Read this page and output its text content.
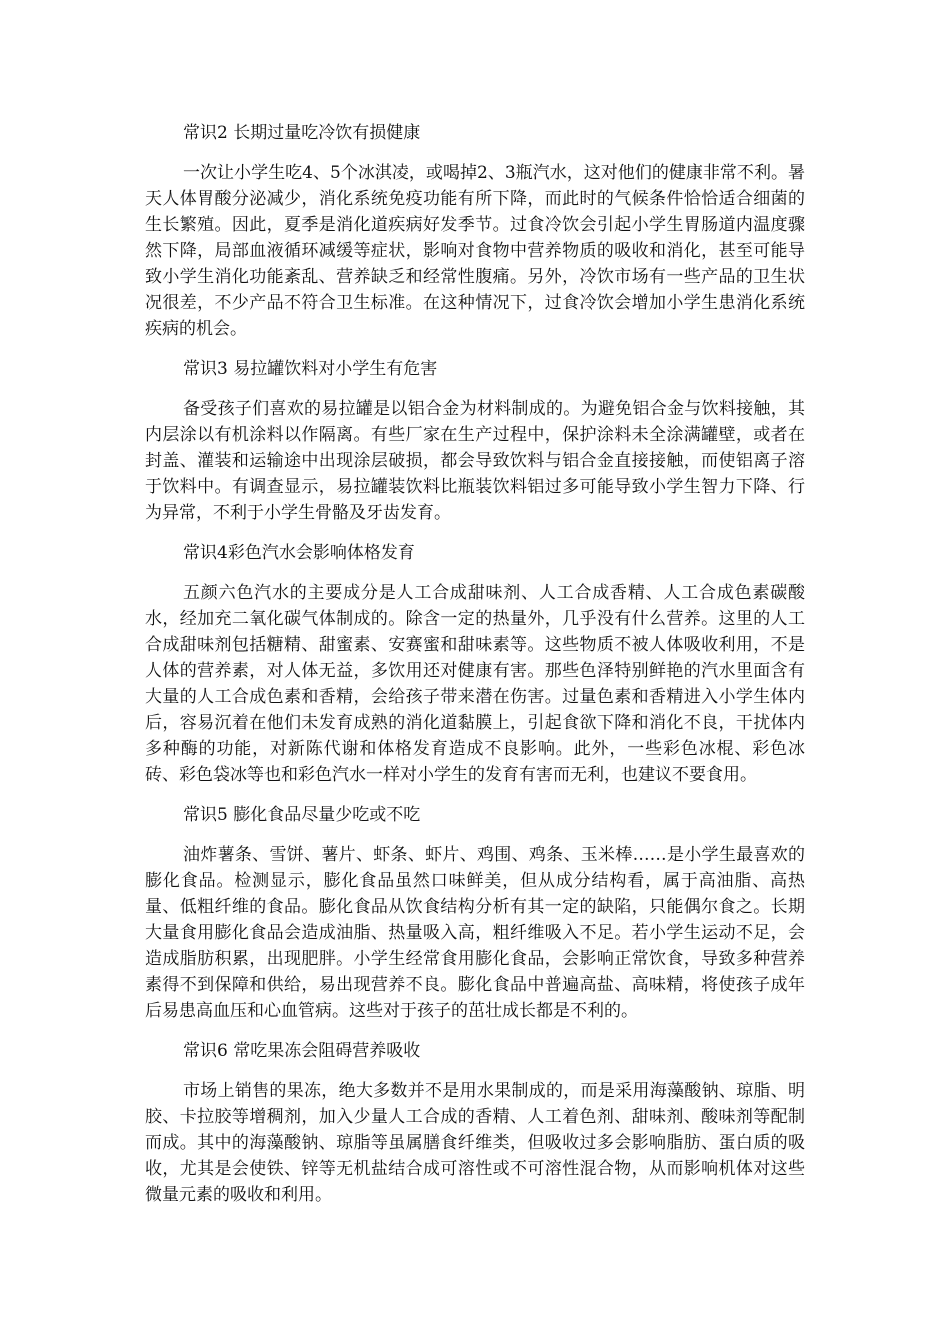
常识2 长期过量吃冷饮有损健康

一次让小学生吃4、5个冰淇凌，或喝掉2、3瓶汽水，这对他们的健康非常不利。暑天人体胃酸分泌减少，消化系统免疫功能有所下降，而此时的气候条件恰恰适合细菌的生长繁殖。因此，夏季是消化道疾病好发季节。过食冷饮会引起小学生胃肠道内温度骤然下降，局部血液循环减缓等症状，影响对食物中营养物质的吸收和消化，甚至可能导致小学生消化功能紊乱、营养缺乏和经常性腹痛。另外，冷饮市场有一些产品的卫生状况很差，不少产品不符合卫生标准。在这种情况下，过食冷饮会增加小学生患消化系统疾病的机会。

常识3 易拉罐饮料对小学生有危害

备受孩子们喜欢的易拉罐是以铝合金为材料制成的。为避免铝合金与饮料接触，其内层涂以有机涂料以作隔离。有些厂家在生产过程中，保护涂料未全涂满罐壁，或者在封盖、灌装和运输途中出现涂层破损，都会导致饮料与铝合金直接接触，而使铝离子溶于饮料中。有调查显示，易拉罐装饮料比瓶装饮料铝过多可能导致小学生智力下降、行为异常，不利于小学生骨骼及牙齿发育。

常识4彩色汽水会影响体格发育

五颜六色汽水的主要成分是人工合成甜味剂、人工合成香精、人工合成色素碳酸水，经加充二氧化碳气体制成的。除含一定的热量外，几乎没有什么营养。这里的人工合成甜味剂包括糖精、甜蜜素、安赛蜜和甜味素等。这些物质不被人体吸收利用，不是人体的营养素，对人体无益，多饮用还对健康有害。那些色泽特别鲜艳的汽水里面含有大量的人工合成色素和香精，会给孩子带来潜在伤害。过量色素和香精进入小学生体内后，容易沉着在他们未发育成熟的消化道黏膜上，引起食欲下降和消化不良，干扰体内多种酶的功能，对新陈代谢和体格发育造成不良影响。此外，一些彩色冰棍、彩色冰砖、彩色袋冰等也和彩色汽水一样对小学生的发育有害而无利，也建议不要食用。

常识5 膨化食品尽量少吃或不吃

油炸薯条、雪饼、薯片、虾条、虾片、鸡围、鸡条、玉米棒……是小学生最喜欢的膨化食品。检测显示，膨化食品虽然口味鲜美，但从成分结构看，属于高油脂、高热量、低粗纤维的食品。膨化食品从饮食结构分析有其一定的缺陷，只能偶尔食之。长期大量食用膨化食品会造成油脂、热量吸入高，粗纤维吸入不足。若小学生运动不足，会造成脂肪积累，出现肥胖。小学生经常食用膨化食品，会影响正常饮食，导致多种营养素得不到保障和供给，易出现营养不良。膨化食品中普遍高盐、高味精，将使孩子成年后易患高血压和心血管病。这些对于孩子的茁壮成长都是不利的。

常识6 常吃果冻会阻碍营养吸收

市场上销售的果冻，绝大多数并不是用水果制成的，而是采用海藻酸钠、琼脂、明胶、卡拉胶等增稠剂，加入少量人工合成的香精、人工着色剂、甜味剂、酸味剂等配制而成。其中的海藻酸钠、琼脂等虽属膳食纤维类，但吸收过多会影响脂肪、蛋白质的吸收，尤其是会使铁、锌等无机盐结合成可溶性或不可溶性混合物，从而影响机体对这些微量元素的吸收和利用。
